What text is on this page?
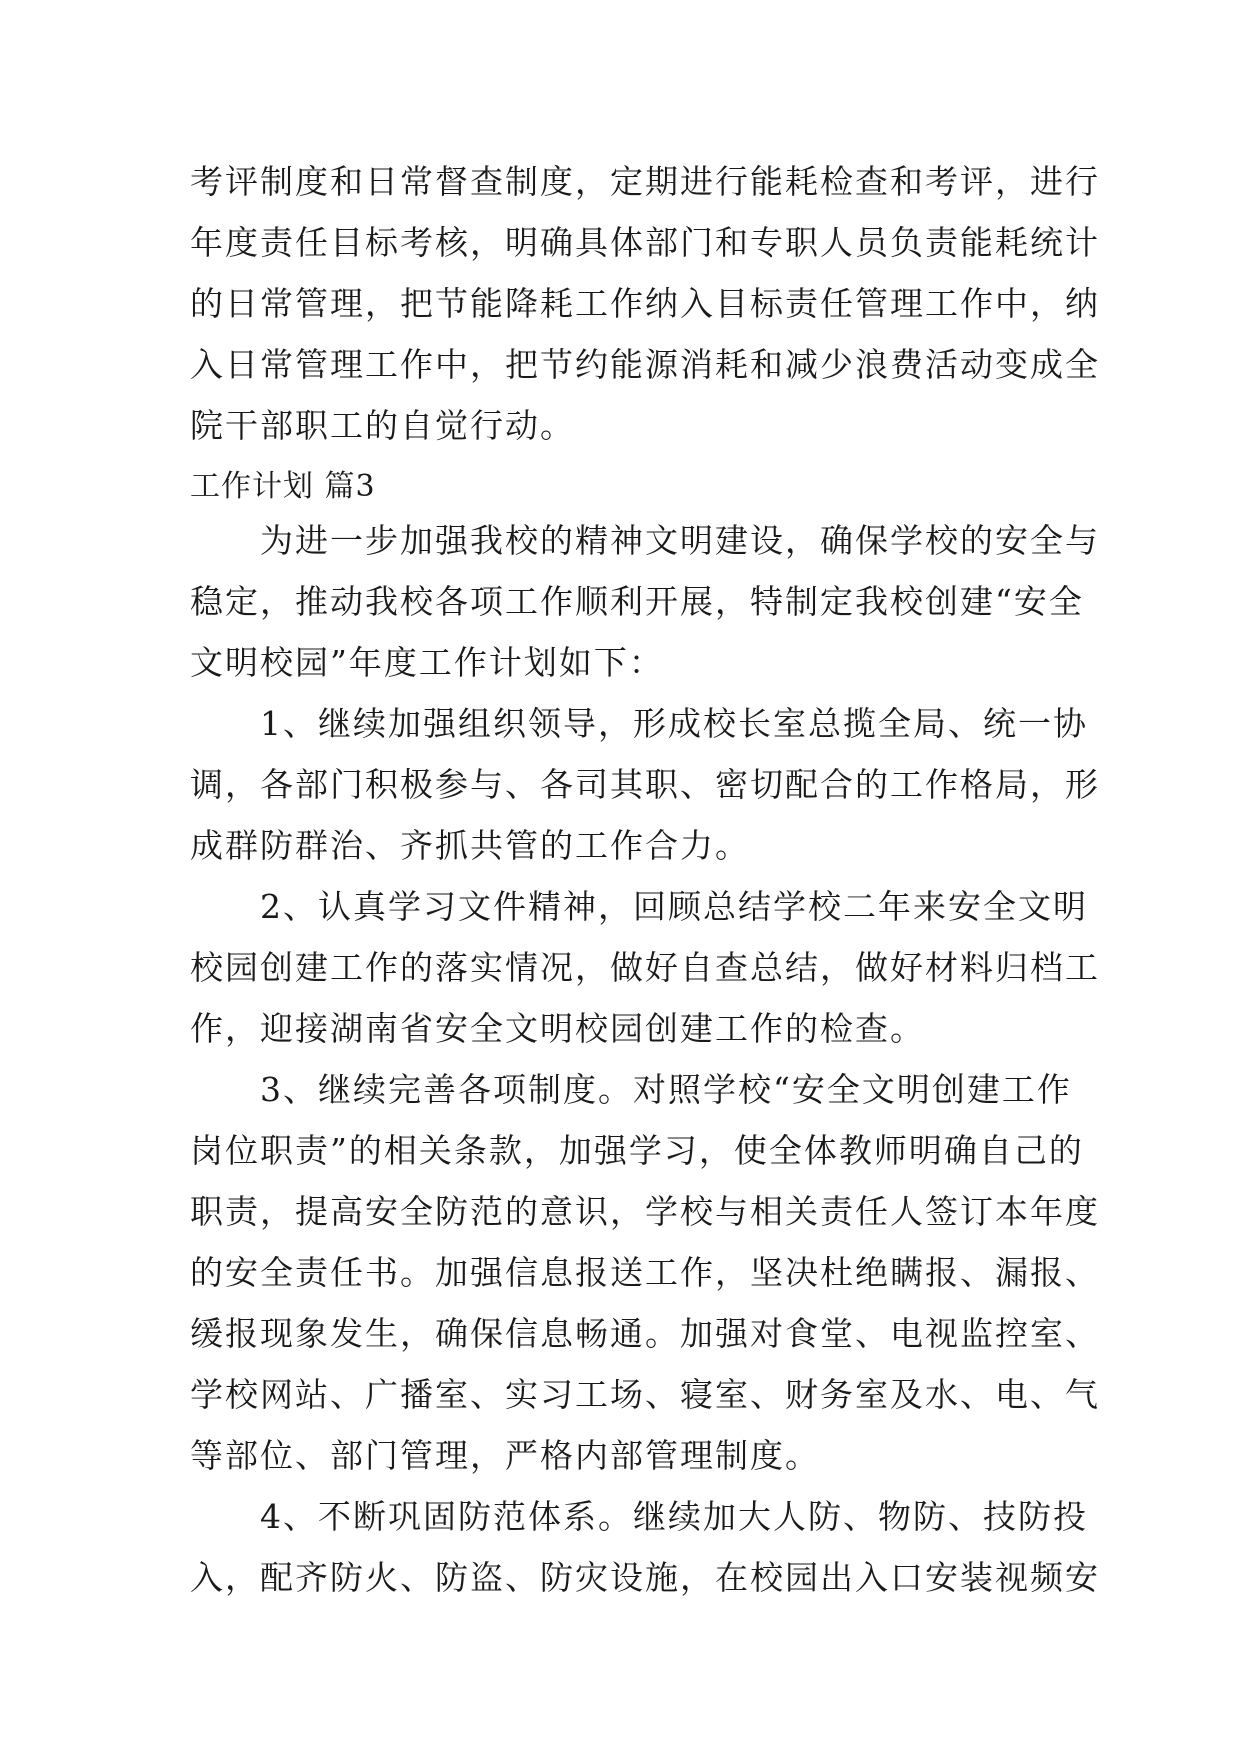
考评制度和日常督查制度，定期进行能耗检查和考评，进行
年度责任目标考核，明确具体部门和专职人员负责能耗统计
的日常管理，把节能降耗工作纳入目标责任管理工作中，纳
入日常管理工作中，把节约能源消耗和减少浪费活动变成全
院干部职工的自觉行动。
工作计划 篇3
　　为进一步加强我校的精神文明建设，确保学校的安全与
稳定，推动我校各项工作顺利开展，特制定我校创建“安全
文明校园”年度工作计划如下：
　　1、继续加强组织领导，形成校长室总揽全局、统一协
调，各部门积极参与、各司其职、密切配合的工作格局，形
成群防群治、齐抓共管的工作合力。
　　2、认真学习文件精神，回顾总结学校二年来安全文明
校园创建工作的落实情况，做好自查总结，做好材料归档工
作，迎接湖南省安全文明校园创建工作的检查。
　　3、继续完善各项制度。对照学校“安全文明创建工作
岗位职责”的相关条款，加强学习，使全体教师明确自己的
职责，提高安全防范的意识，学校与相关责任人签订本年度
的安全责任书。加强信息报送工作，坚决杜绝瞒报、漏报、
缓报现象发生，确保信息畅通。加强对食堂、电视监控室、
学校网站、广播室、实习工场、寝室、财务室及水、电、气
等部位、部门管理，严格内部管理制度。
　　4、不断巩固防范体系。继续加大人防、物防、技防投
入，配齐防火、防盗、防灾设施，在校园出入口安装视频安
